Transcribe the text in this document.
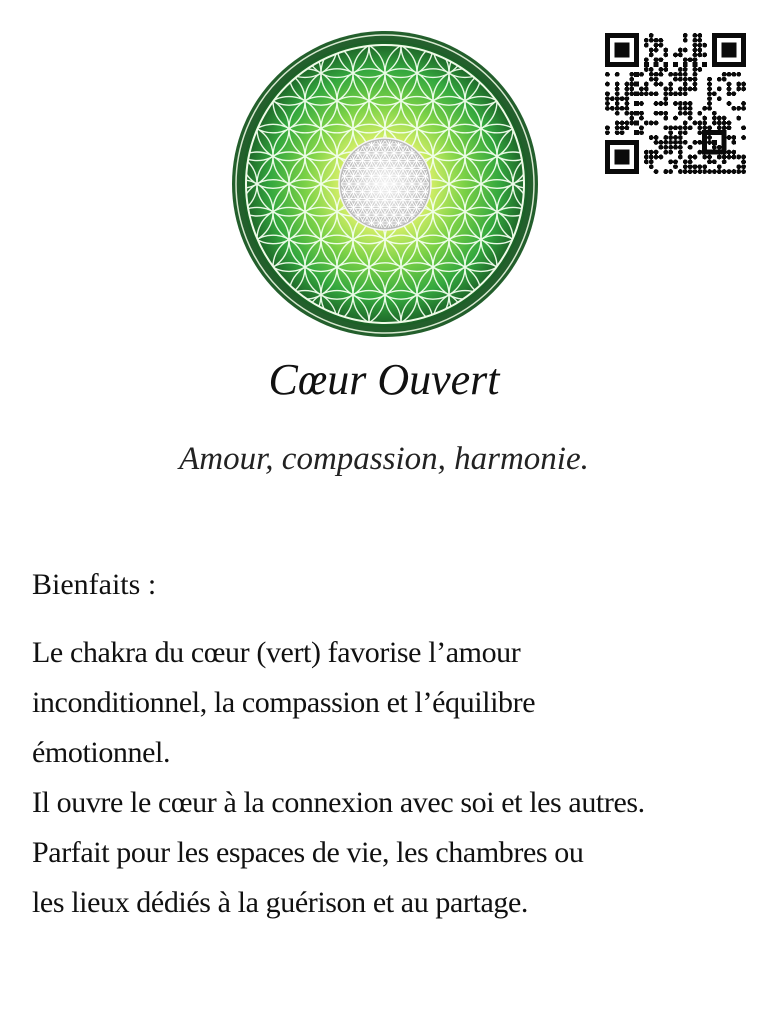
Cœur Ouvert
Amour, compassion, harmonie.
Bienfaits :
Le chakra du cœur (vert) favorise l’amour
inconditionnel, la compassion et l’équilibre
émotionnel.
Il ouvre le cœur à la connexion avec soi et les autres.
Parfait pour les espaces de vie, les chambres ou
les lieux dédiés à la guérison et au partage.
